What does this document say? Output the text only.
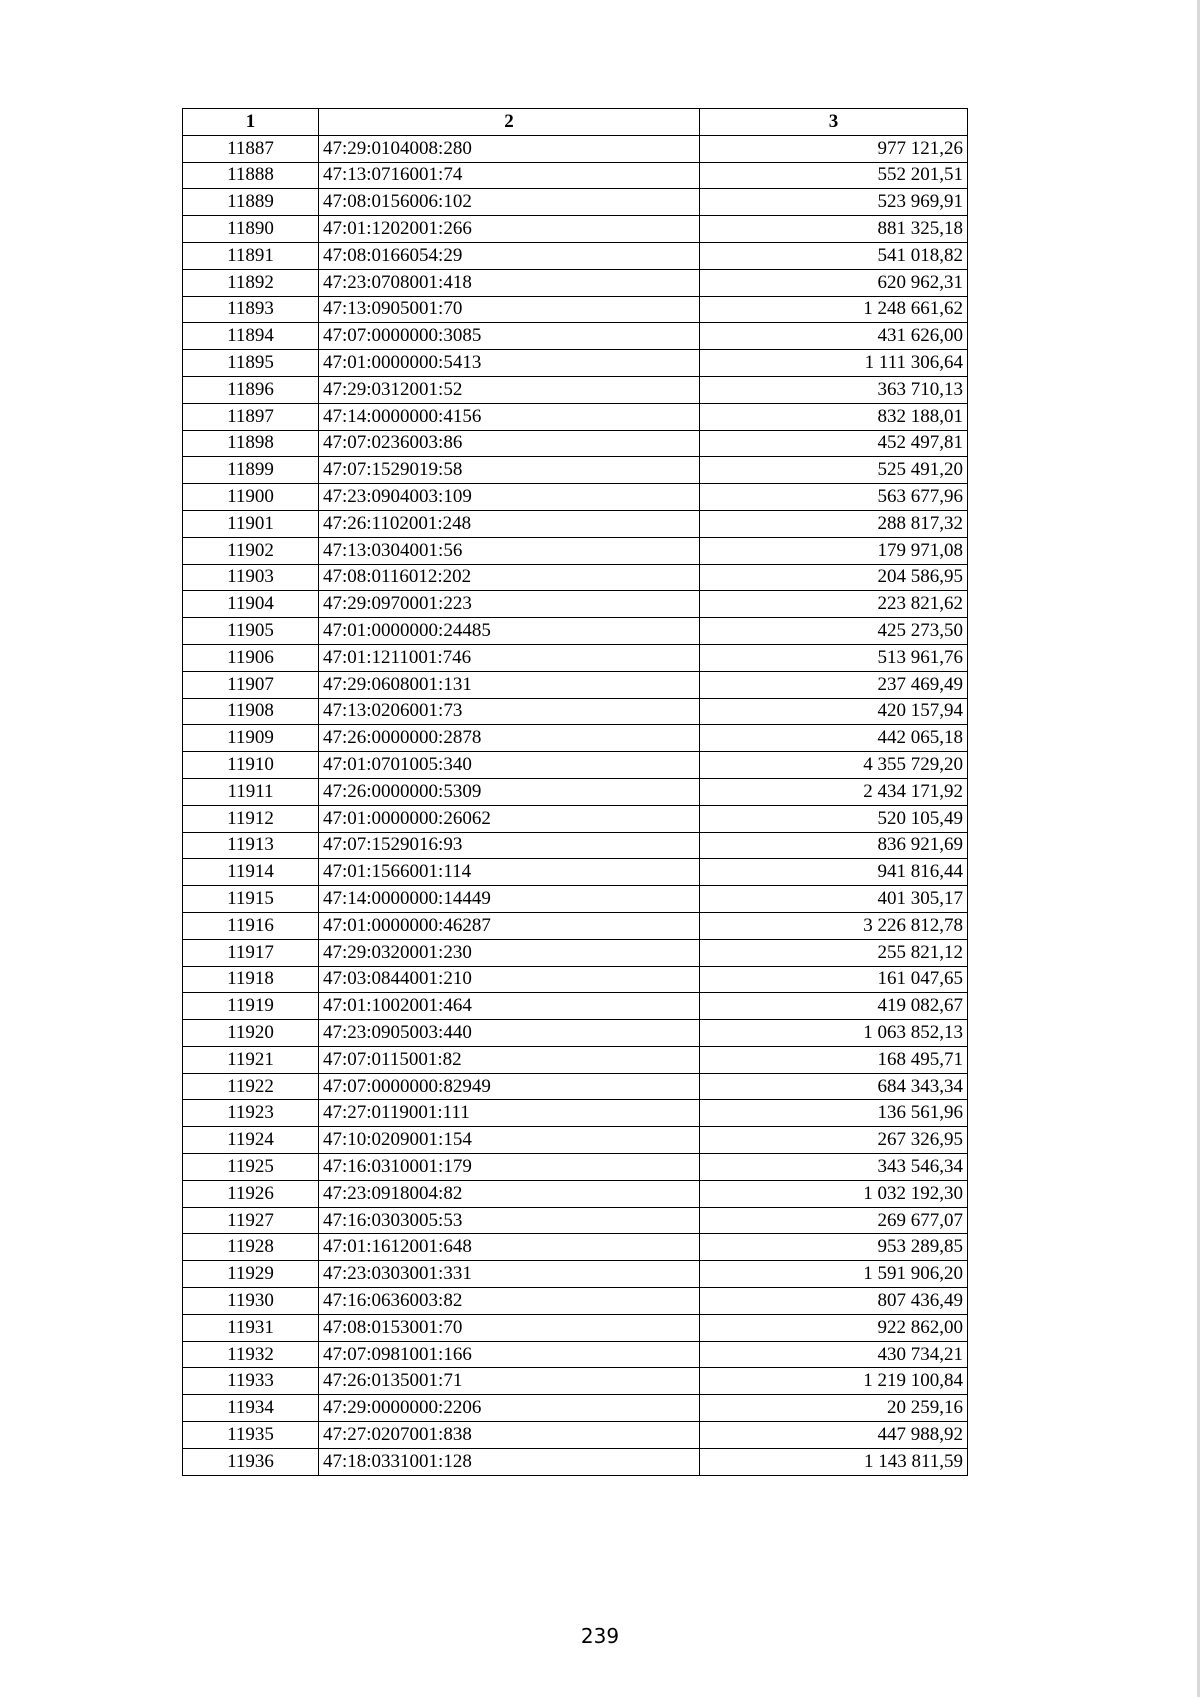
1	2	3
11887	47:29:0104008:280	977 121,26
11888	47:13:0716001:74	552 201,51
11889	47:08:0156006:102	523 969,91
11890	47:01:1202001:266	881 325,18
11891	47:08:0166054:29	541 018,82
11892	47:23:0708001:418	620 962,31
11893	47:13:0905001:70	1 248 661,62
11894	47:07:0000000:3085	431 626,00
11895	47:01:0000000:5413	1 111 306,64
11896	47:29:0312001:52	363 710,13
11897	47:14:0000000:4156	832 188,01
11898	47:07:0236003:86	452 497,81
11899	47:07:1529019:58	525 491,20
11900	47:23:0904003:109	563 677,96
11901	47:26:1102001:248	288 817,32
11902	47:13:0304001:56	179 971,08
11903	47:08:0116012:202	204 586,95
11904	47:29:0970001:223	223 821,62
11905	47:01:0000000:24485	425 273,50
11906	47:01:1211001:746	513 961,76
11907	47:29:0608001:131	237 469,49
11908	47:13:0206001:73	420 157,94
11909	47:26:0000000:2878	442 065,18
11910	47:01:0701005:340	4 355 729,20
11911	47:26:0000000:5309	2 434 171,92
11912	47:01:0000000:26062	520 105,49
11913	47:07:1529016:93	836 921,69
11914	47:01:1566001:114	941 816,44
11915	47:14:0000000:14449	401 305,17
11916	47:01:0000000:46287	3 226 812,78
11917	47:29:0320001:230	255 821,12
11918	47:03:0844001:210	161 047,65
11919	47:01:1002001:464	419 082,67
11920	47:23:0905003:440	1 063 852,13
11921	47:07:0115001:82	168 495,71
11922	47:07:0000000:82949	684 343,34
11923	47:27:0119001:111	136 561,96
11924	47:10:0209001:154	267 326,95
11925	47:16:0310001:179	343 546,34
11926	47:23:0918004:82	1 032 192,30
11927	47:16:0303005:53	269 677,07
11928	47:01:1612001:648	953 289,85
11929	47:23:0303001:331	1 591 906,20
11930	47:16:0636003:82	807 436,49
11931	47:08:0153001:70	922 862,00
11932	47:07:0981001:166	430 734,21
11933	47:26:0135001:71	1 219 100,84
11934	47:29:0000000:2206	20 259,16
11935	47:27:0207001:838	447 988,92
11936	47:18:0331001:128	1 143 811,59
239
